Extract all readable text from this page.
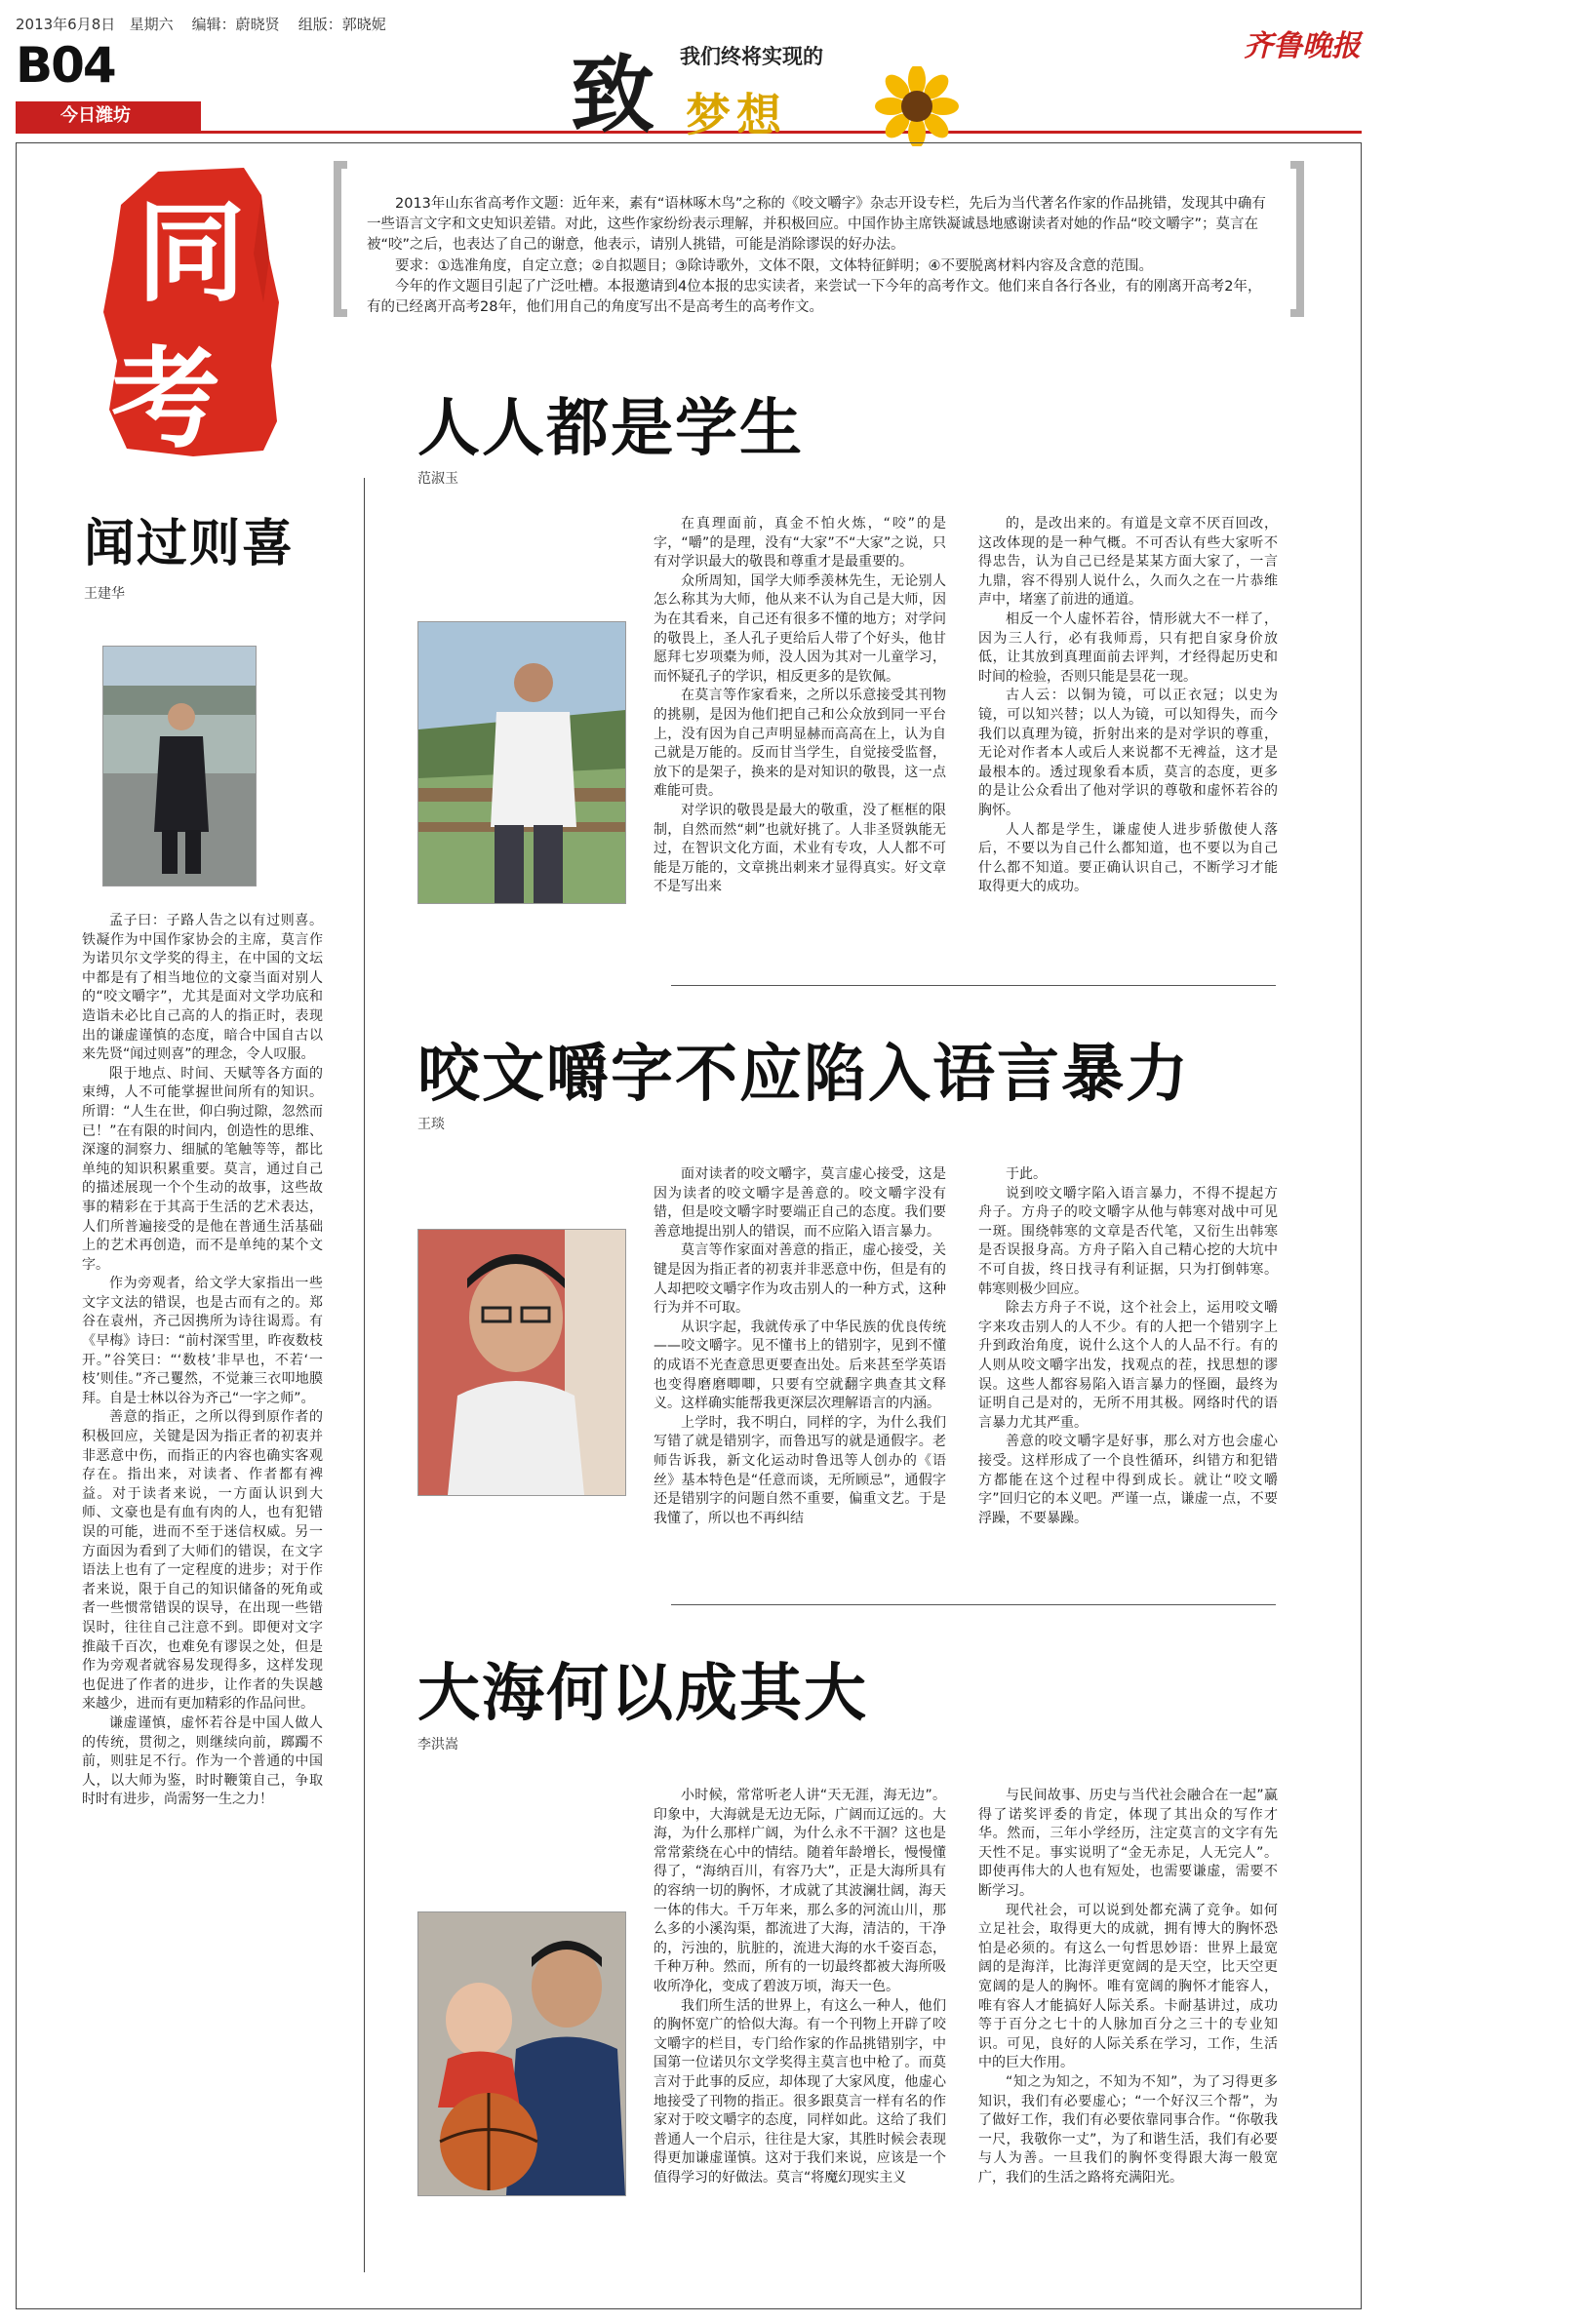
2013年6月8日 星期六 编辑：蔚晓贤 组版：郭晓妮
B04
今日潍坊	致 我们终将实现的
梦想
齐鲁晚报
同
考
2013年山东省高考作文题：近年来，素有“语林啄木鸟”之称的《咬文嚼字》杂志开设专栏，先后为当代著名作家的作品挑错，发现其中确有一些语言文字和文史知识差错。对此，这些作家纷纷表示理解，并积极回应。中国作协主席铁凝诚恳地感谢读者对她的作品“咬文嚼字”；莫言在被“咬”之后，也表达了自己的谢意，他表示，请别人挑错，可能是消除谬误的好办法。
要求：①选准角度，自定立意；②自拟题目；③除诗歌外，文体不限，文体特征鲜明；④不要脱离材料内容及含意的范围。
今年的作文题目引起了广泛吐槽。本报邀请到4位本报的忠实读者，来尝试一下今年的高考作文。他们来自各行各业，有的刚离开高考2年，有的已经离开高考28年，他们用自己的角度写出不是高考生的高考作文。
闻过则喜
王建华

孟子曰：子路人告之以有过则喜。铁凝作为中国作家协会的主席，莫言作为诺贝尔文学奖的得主，在中国的文坛中都是有了相当地位的文豪当面对别人的“咬文嚼字”，尤其是面对文学功底和造诣未必比自己高的人的指正时，表现出的谦虚谨慎的态度，暗合中国自古以来先贤“闻过则喜”的理念，令人叹服。

限于地点、时间、天赋等各方面的束缚，人不可能掌握世间所有的知识。所谓：“人生在世，仰白驹过隙，忽然而已！”在有限的时间内，创造性的思维、深邃的洞察力、细腻的笔触等等，都比单纯的知识积累重要。莫言，通过自己的描述展现一个个生动的故事，这些故事的精彩在于其高于生活的艺术表达，人们所普遍接受的是他在普通生活基础上的艺术再创造，而不是单纯的某个文字。

作为旁观者，给文学大家指出一些文字文法的错误，也是古而有之的。郑谷在袁州，齐己因携所为诗往谒焉。有《早梅》诗曰：“前村深雪里，昨夜数枝开。”谷笑曰：“‘数枝’非早也，不若‘一枝’则佳。”齐己矍然，不觉兼三衣叩地膜拜。自是士林以谷为齐己“一字之师”。

善意的指正，之所以得到原作者的积极回应，关键是因为指正者的初衷并非恶意中伤，而指正的内容也确实客观存在。指出来，对读者、作者都有裨益。对于读者来说，一方面认识到大师、文豪也是有血有肉的人，也有犯错误的可能，进而不至于迷信权威。另一方面因为看到了大师们的错误，在文字语法上也有了一定程度的进步；对于作者来说，限于自己的知识储备的死角或者一些惯常错误的误导，在出现一些错误时，往往自己注意不到。即便对文字推敲千百次，也难免有谬误之处，但是作为旁观者就容易发现得多，这样发现也促进了作者的进步，让作者的失误越来越少，进而有更加精彩的作品问世。

谦虚谨慎，虚怀若谷是中国人做人的传统，贯彻之，则继续向前，踯躅不前，则驻足不行。作为一个普通的中国人，以大师为鉴，时时鞭策自己，争取时时有进步，尚需努一生之力！

人人都是学生
范淑玉

在真理面前，真金不怕火炼，“咬”的是字，“嚼”的是理，没有“大家”不“大家”之说，只有对学识最大的敬畏和尊重才是最重要的。

众所周知，国学大师季羡林先生，无论别人怎么称其为大师，他从来不认为自己是大师，因为在其看来，自己还有很多不懂的地方；对学问的敬畏上，圣人孔子更给后人带了个好头，他甘愿拜七岁项橐为师，没人因为其对一儿童学习，而怀疑孔子的学识，相反更多的是钦佩。

在莫言等作家看来，之所以乐意接受其刊物的挑剔，是因为他们把自己和公众放到同一平台上，没有因为自己声明显赫而高高在上，认为自己就是万能的。反而甘当学生，自觉接受监督，放下的是架子，换来的是对知识的敬畏，这一点难能可贵。

对学识的敬畏是最大的敬重，没了框框的限制，自然而然“刺”也就好挑了。人非圣贤孰能无过，在智识文化方面，术业有专攻，人人都不可能是万能的，文章挑出刺来才显得真实。好文章不是写出来

的，是改出来的。有道是文章不厌百回改，这改体现的是一种气概。不可否认有些大家听不得忠告，认为自己已经是某某方面大家了，一言九鼎，容不得别人说什么，久而久之在一片恭维声中，堵塞了前进的通道。

相反一个人虚怀若谷，情形就大不一样了，因为三人行，必有我师焉，只有把自家身价放低，让其放到真理面前去评判，才经得起历史和时间的检验，否则只能是昙花一现。

古人云：以铜为镜，可以正衣冠；以史为镜，可以知兴替；以人为镜，可以知得失，而今我们以真理为镜，折射出来的是对学识的尊重，无论对作者本人或后人来说都不无裨益，这才是最根本的。透过现象看本质，莫言的态度，更多的是让公众看出了他对学识的尊敬和虚怀若谷的胸怀。

人人都是学生，谦虚使人进步骄傲使人落后，不要以为自己什么都知道，也不要以为自己什么都不知道。要正确认识自己，不断学习才能取得更大的成功。

咬文嚼字不应陷入语言暴力
王琰

面对读者的咬文嚼字，莫言虚心接受，这是因为读者的咬文嚼字是善意的。咬文嚼字没有错，但是咬文嚼字时要端正自己的态度。我们要善意地提出别人的错误，而不应陷入语言暴力。

莫言等作家面对善意的指正，虚心接受，关键是因为指正者的初衷并非恶意中伤，但是有的人却把咬文嚼字作为攻击别人的一种方式，这种行为并不可取。

从识字起，我就传承了中华民族的优良传统——咬文嚼字。见不懂书上的错别字，见到不懂的成语不光查意思更要查出处。后来甚至学英语也变得磨磨唧唧，只要有空就翻字典查其文释义。这样确实能帮我更深层次理解语言的内涵。

上学时，我不明白，同样的字，为什么我们写错了就是错别字，而鲁迅写的就是通假字。老师告诉我，新文化运动时鲁迅等人创办的《语丝》基本特色是“任意而谈，无所顾忌”，通假字还是错别字的问题自然不重要，偏重文艺。于是我懂了，所以也不再纠结

于此。

说到咬文嚼字陷入语言暴力，不得不提起方舟子。方舟子的咬文嚼字从他与韩寒对战中可见一斑。围绕韩寒的文章是否代笔，又衍生出韩寒是否误报身高。方舟子陷入自己精心挖的大坑中不可自拔，终日找寻有利证据，只为打倒韩寒。韩寒则极少回应。

除去方舟子不说，这个社会上，运用咬文嚼字来攻击别人的人不少。有的人把一个错别字上升到政治角度，说什么这个人的人品不行。有的人则从咬文嚼字出发，找观点的茬，找思想的谬误。这些人都容易陷入语言暴力的怪圈，最终为证明自己是对的，无所不用其极。网络时代的语言暴力尤其严重。

善意的咬文嚼字是好事，那么对方也会虚心接受。这样形成了一个良性循环，纠错方和犯错方都能在这个过程中得到成长。就让“咬文嚼字”回归它的本义吧。严谨一点，谦虚一点，不要浮躁，不要暴躁。

大海何以成其大
李洪嵩

小时候，常常听老人讲“天无涯，海无边”。印象中，大海就是无边无际，广阔而辽远的。大海，为什么那样广阔，为什么永不干涸？这也是常常萦绕在心中的情结。随着年龄增长，慢慢懂得了，“海纳百川，有容乃大”，正是大海所具有的容纳一切的胸怀，才成就了其波澜壮阔，海天一体的伟大。千万年来，那么多的河流山川，那么多的小溪沟渠，都流进了大海，清洁的，干净的，污浊的，肮脏的，流进大海的水千姿百态，千种万种。然而，所有的一切最终都被大海所吸收所净化，变成了碧波万顷，海天一色。

我们所生活的世界上，有这么一种人，他们的胸怀宽广的恰似大海。有一个刊物上开辟了咬文嚼字的栏目，专门给作家的作品挑错别字，中国第一位诺贝尔文学奖得主莫言也中枪了。而莫言对于此事的反应，却体现了大家风度，他虚心地接受了刊物的指正。很多跟莫言一样有名的作家对于咬文嚼字的态度，同样如此。这给了我们普通人一个启示，往往是大家，其胜时候会表现得更加谦虚谨慎。这对于我们来说，应该是一个值得学习的好做法。莫言“将魔幻现实主义

与民间故事、历史与当代社会融合在一起”赢得了诺奖评委的肯定，体现了其出众的写作才华。然而，三年小学经历，注定莫言的文字有先天性不足。事实说明了“金无赤足，人无完人”。即使再伟大的人也有短处，也需要谦虚，需要不断学习。

现代社会，可以说到处都充满了竞争。如何立足社会，取得更大的成就，拥有博大的胸怀恐怕是必须的。有这么一句哲思妙语：世界上最宽阔的是海洋，比海洋更宽阔的是天空，比天空更宽阔的是人的胸怀。唯有宽阔的胸怀才能容人，唯有容人才能搞好人际关系。卡耐基讲过，成功等于百分之七十的人脉加百分之三十的专业知识。可见，良好的人际关系在学习，工作，生活中的巨大作用。

“知之为知之，不知为不知”，为了习得更多知识，我们有必要虚心；“一个好汉三个帮”，为了做好工作，我们有必要依靠同事合作。“你敬我一尺，我敬你一丈”，为了和谐生活，我们有必要与人为善。一旦我们的胸怀变得跟大海一般宽广，我们的生活之路将充满阳光。
